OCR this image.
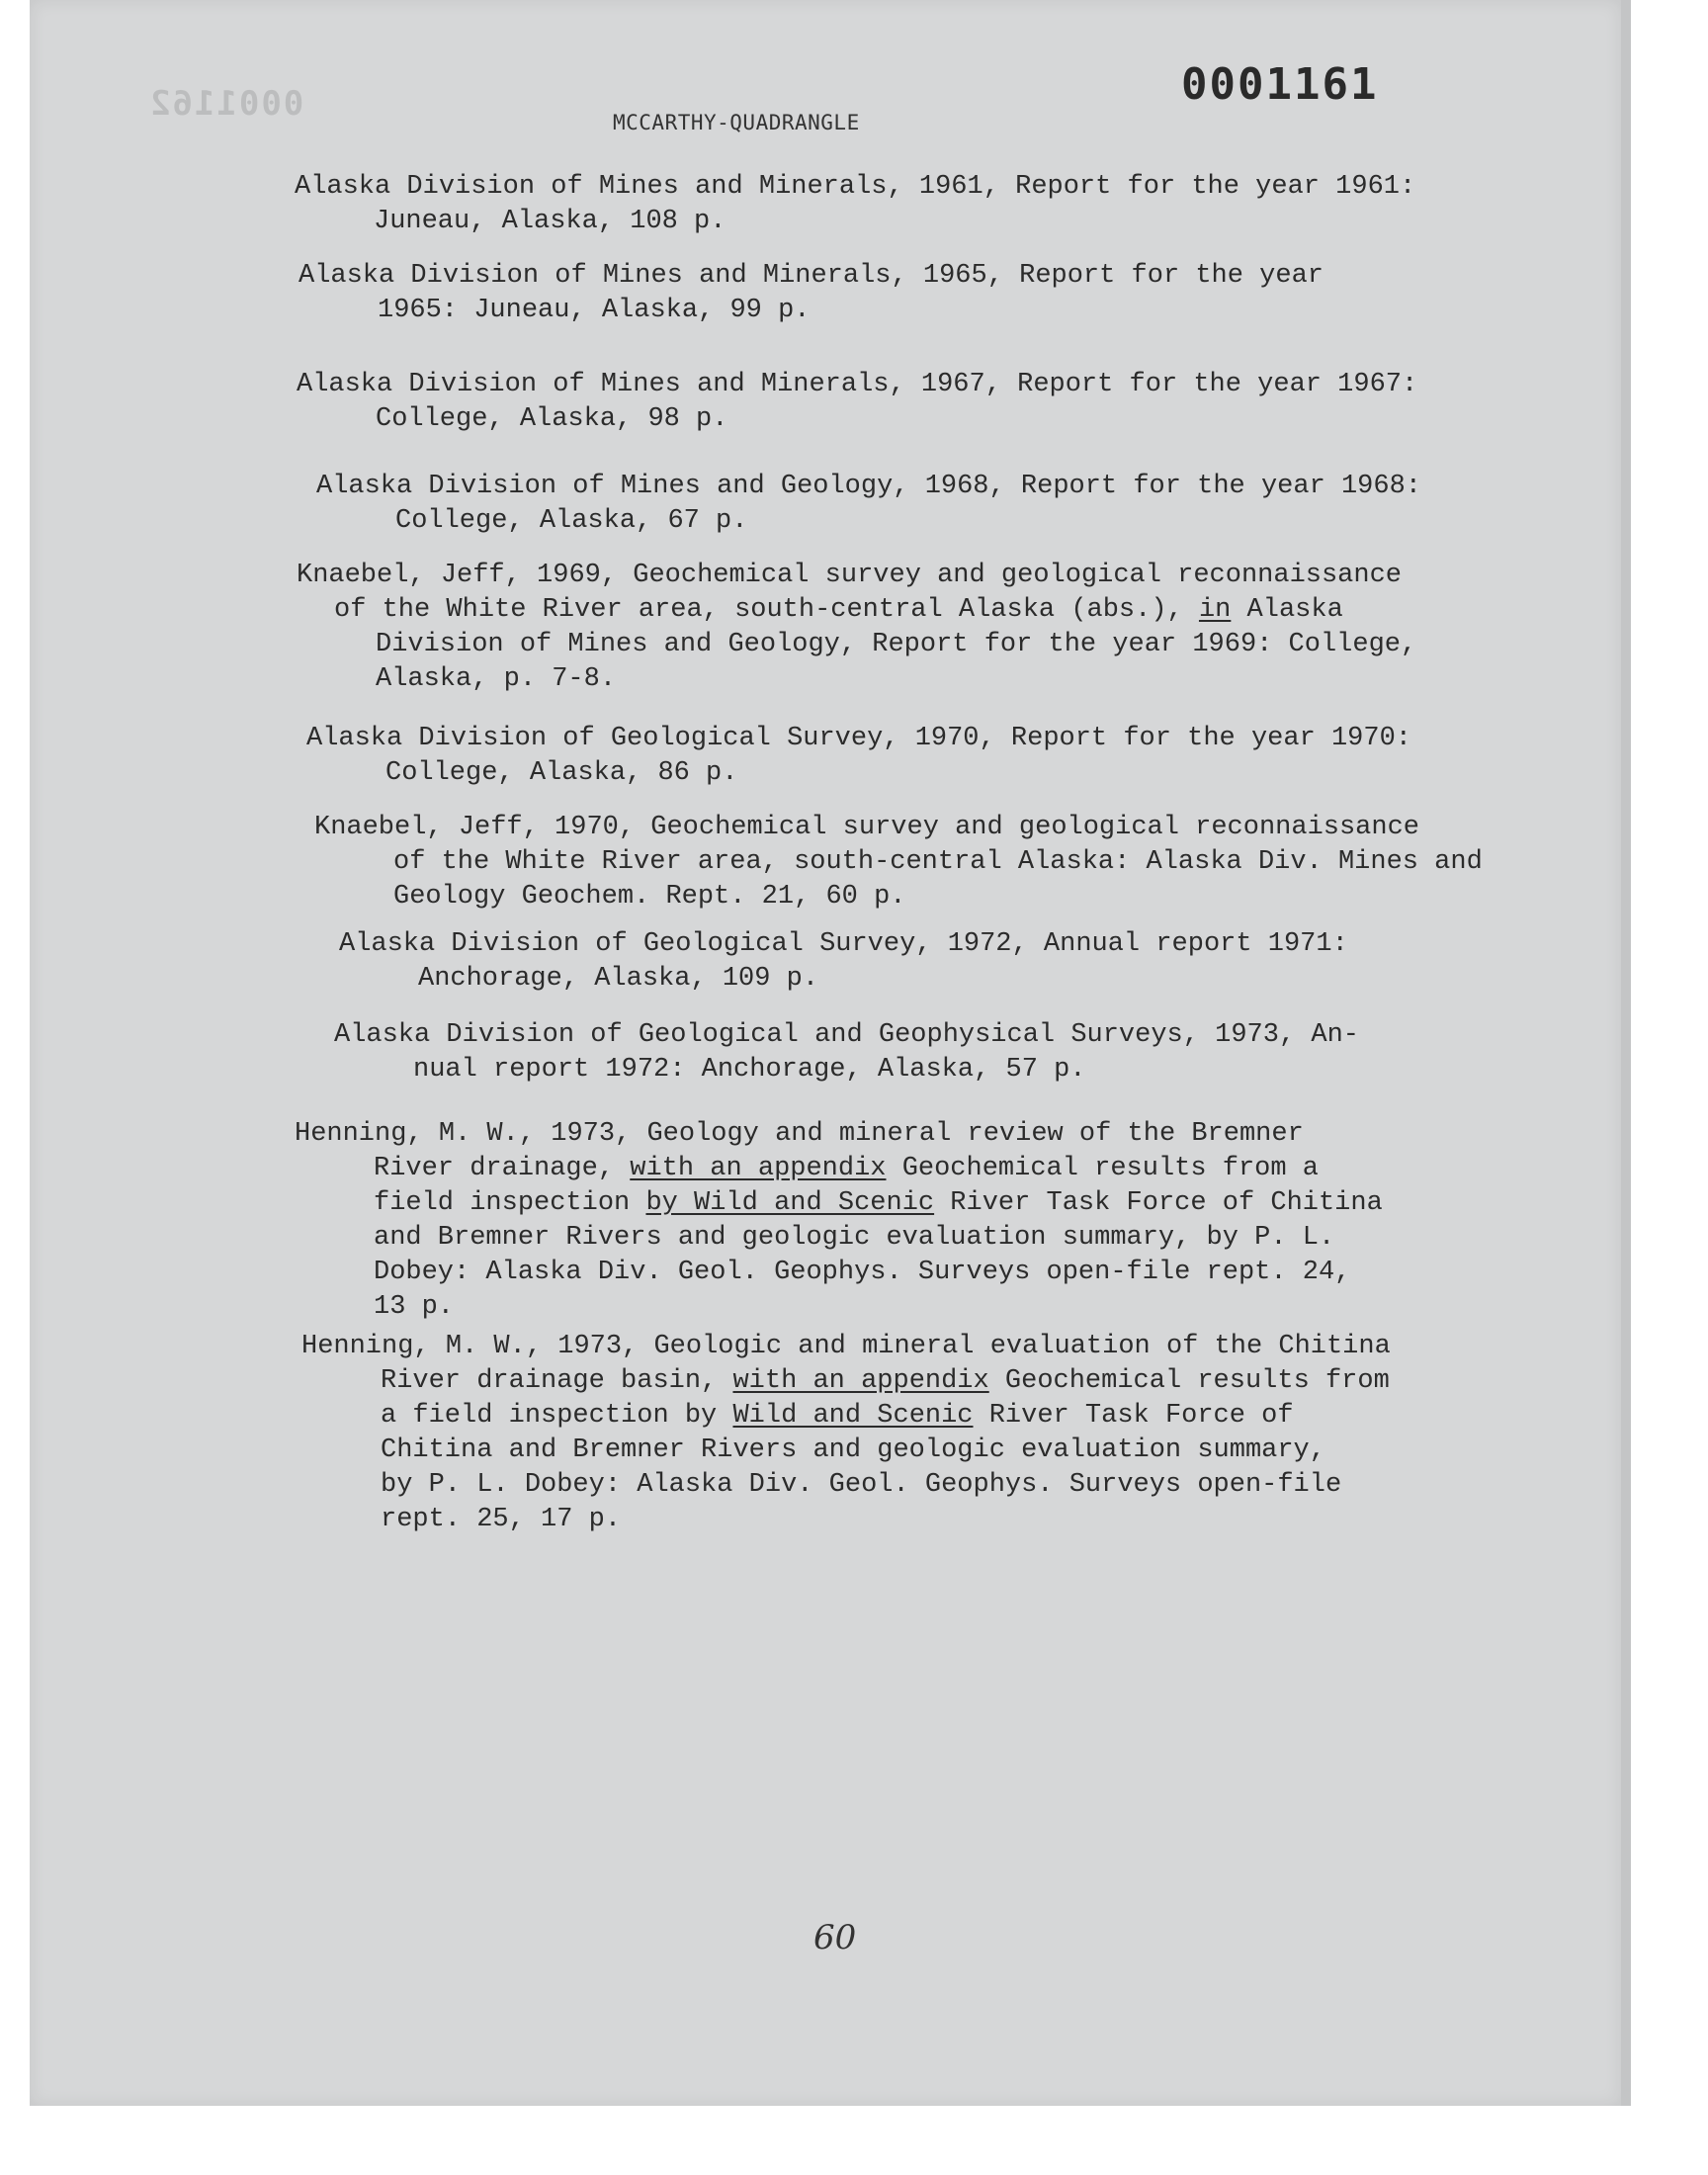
0001162	0001161
MCCARTHY-QUADRANGLE
Alaska Division of Mines and Minerals, 1961, Report for the year 1961:
Juneau, Alaska, 108 p.
Alaska Division of Mines and Minerals, 1965, Report for the year
1965: Juneau, Alaska, 99 p.
Alaska Division of Mines and Minerals, 1967, Report for the year 1967:
College, Alaska, 98 p.
Alaska Division of Mines and Geology, 1968, Report for the year 1968:
College, Alaska, 67 p.
Knaebel, Jeff, 1969, Geochemical survey and geological reconnaissance
of the White River area, south-central Alaska (abs.), in Alaska
Division of Mines and Geology, Report for the year 1969: College,
Alaska, p. 7-8.
Alaska Division of Geological Survey, 1970, Report for the year 1970:
College, Alaska, 86 p.
Knaebel, Jeff, 1970, Geochemical survey and geological reconnaissance
of the White River area, south-central Alaska: Alaska Div. Mines and
Geology Geochem. Rept. 21, 60 p.
Alaska Division of Geological Survey, 1972, Annual report 1971:
Anchorage, Alaska, 109 p.
Alaska Division of Geological and Geophysical Surveys, 1973, An-
nual report 1972: Anchorage, Alaska, 57 p.
Henning, M. W., 1973, Geology and mineral review of the Bremner
River drainage, with an appendix Geochemical results from a
field inspection by Wild and Scenic River Task Force of Chitina
and Bremner Rivers and geologic evaluation summary, by P. L.
Dobey: Alaska Div. Geol. Geophys. Surveys open-file rept. 24,
13 p.
Henning, M. W., 1973, Geologic and mineral evaluation of the Chitina
River drainage basin, with an appendix Geochemical results from
a field inspection by Wild and Scenic River Task Force of
Chitina and Bremner Rivers and geologic evaluation summary,
by P. L. Dobey: Alaska Div. Geol. Geophys. Surveys open-file
rept. 25, 17 p.
60
